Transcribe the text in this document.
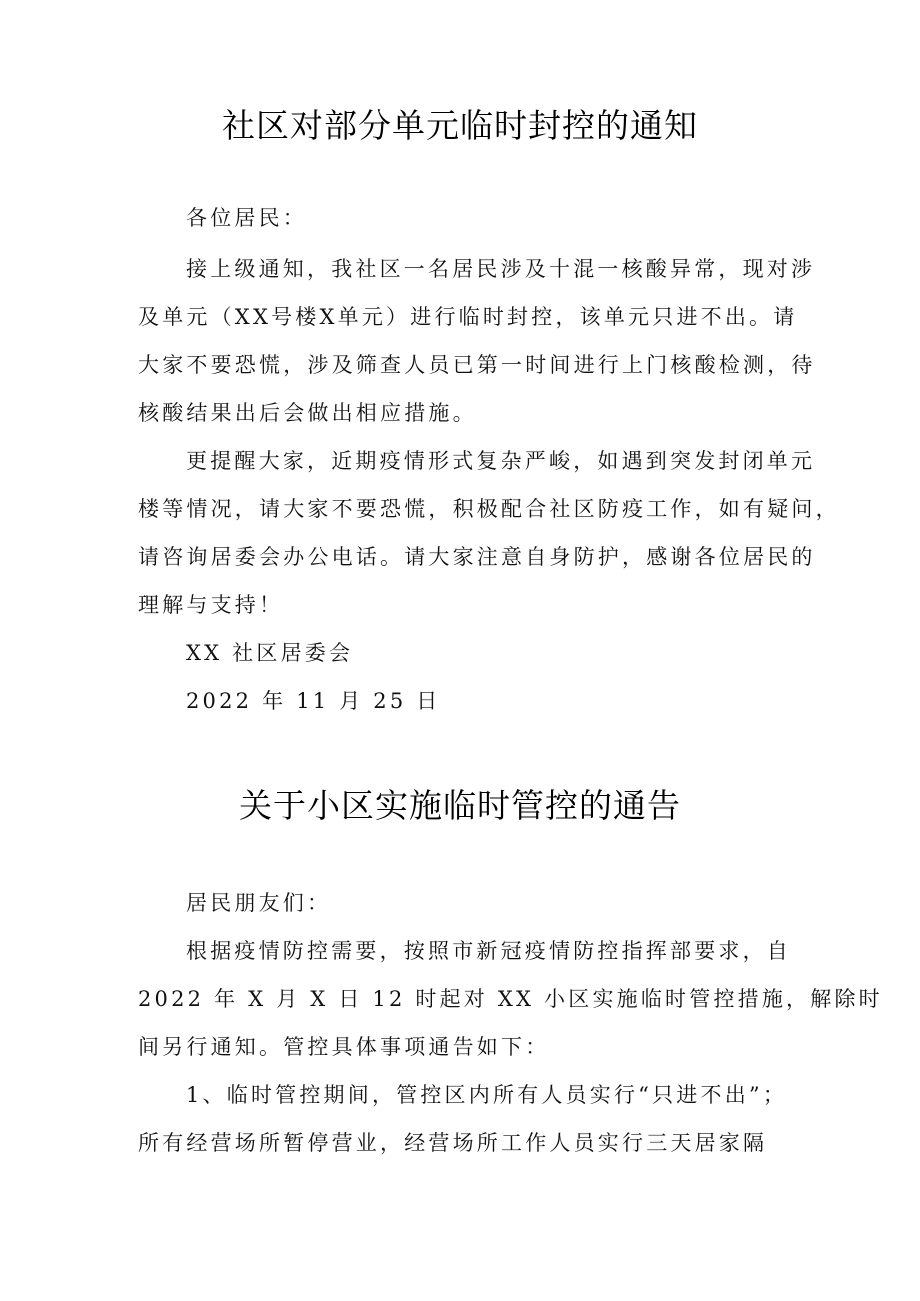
社区对部分单元临时封控的通知
各位居民：
接上级通知，我社区一名居民涉及十混一核酸异常，现对涉
及单元（XX号楼X单元）进行临时封控，该单元只进不出。请
大家不要恐慌，涉及筛查人员已第一时间进行上门核酸检测，待
核酸结果出后会做出相应措施。
更提醒大家，近期疫情形式复杂严峻，如遇到突发封闭单元
楼等情况，请大家不要恐慌，积极配合社区防疫工作，如有疑问，
请咨询居委会办公电话。请大家注意自身防护，感谢各位居民的
理解与支持！
XX 社区居委会
2022 年 11 月 25 日
关于小区实施临时管控的通告
居民朋友们：
根据疫情防控需要，按照市新冠疫情防控指挥部要求，自
2022 年 X 月 X 日 12 时起对 XX 小区实施临时管控措施，解除时
间另行通知。管控具体事项通告如下：
1、临时管控期间，管控区内所有人员实行“只进不出”；
所有经营场所暂停营业，经营场所工作人员实行三天居家隔
